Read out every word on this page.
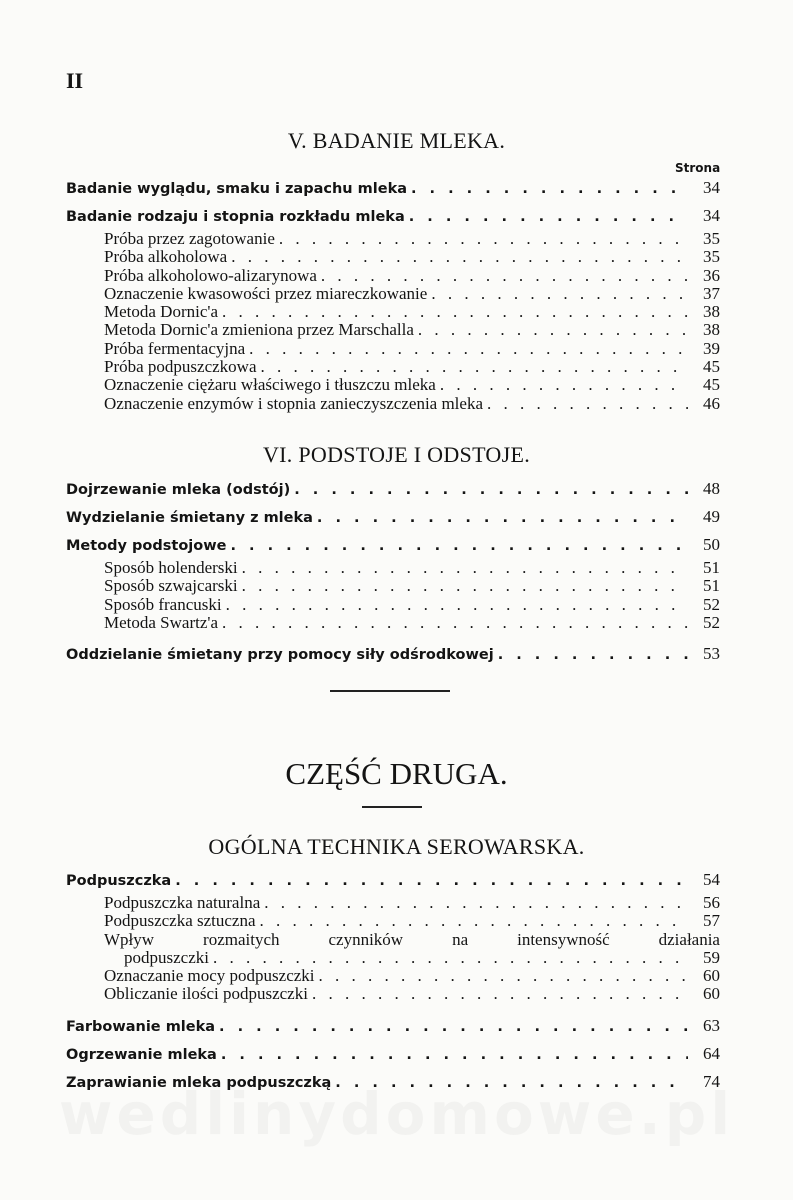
II
V. BADANIE MLEKA.
Strona
Badanie wyglądu, smaku i zapachu mleka . . .	34
Badanie rodzaju i stopnia rozkładu mleka . . .	34
Próba przez zagotowanie . . .	35
Próba alkoholowa . . .	35
Próba alkoholowo-alizarynowa . . .	36
Oznaczenie kwasowości przez miareczkowanie . . .	37
Metoda Dornic'a . . .	38
Metoda Dornic'a zmieniona przez Marschalla . . .	38
Próba fermentacyjna . . .	39
Próba podpuszczkowa . . .	45
Oznaczenie ciężaru właściwego i tłuszczu mleka . . .	45
Oznaczenie enzymów i stopnia zanieczyszczenia mleka . . .	46
VI. PODSTOJE I ODSTOJE.
Dojrzewanie mleka (odstój) . . .	48
Wydzielanie śmietany z mleka . . .	49
Metody podstojowe . . .	50
Sposób holenderski . . .	51
Sposób szwajcarski . . .	51
Sposób francuski . . .	52
Metoda Swartz'a . . .	52
Oddzielanie śmietany przy pomocy siły odśrodkowej . . .	53
CZĘŚĆ DRUGA.
OGÓLNA TECHNIKA SEROWARSKA.
Podpuszczka . . .	54
Podpuszczka naturalna . . .	56
Podpuszczka sztuczna . . .	57
Wpływ	rozmaitych	czynników	na	intensywność	działania
podpuszczki . . .	59
Oznaczanie mocy podpuszczki . . .	60
Obliczanie ilości podpuszczki . . .	60
Farbowanie mleka . . .	63
Ogrzewanie mleka . . .	64
Zaprawianie mleka podpuszczką . . .	74
